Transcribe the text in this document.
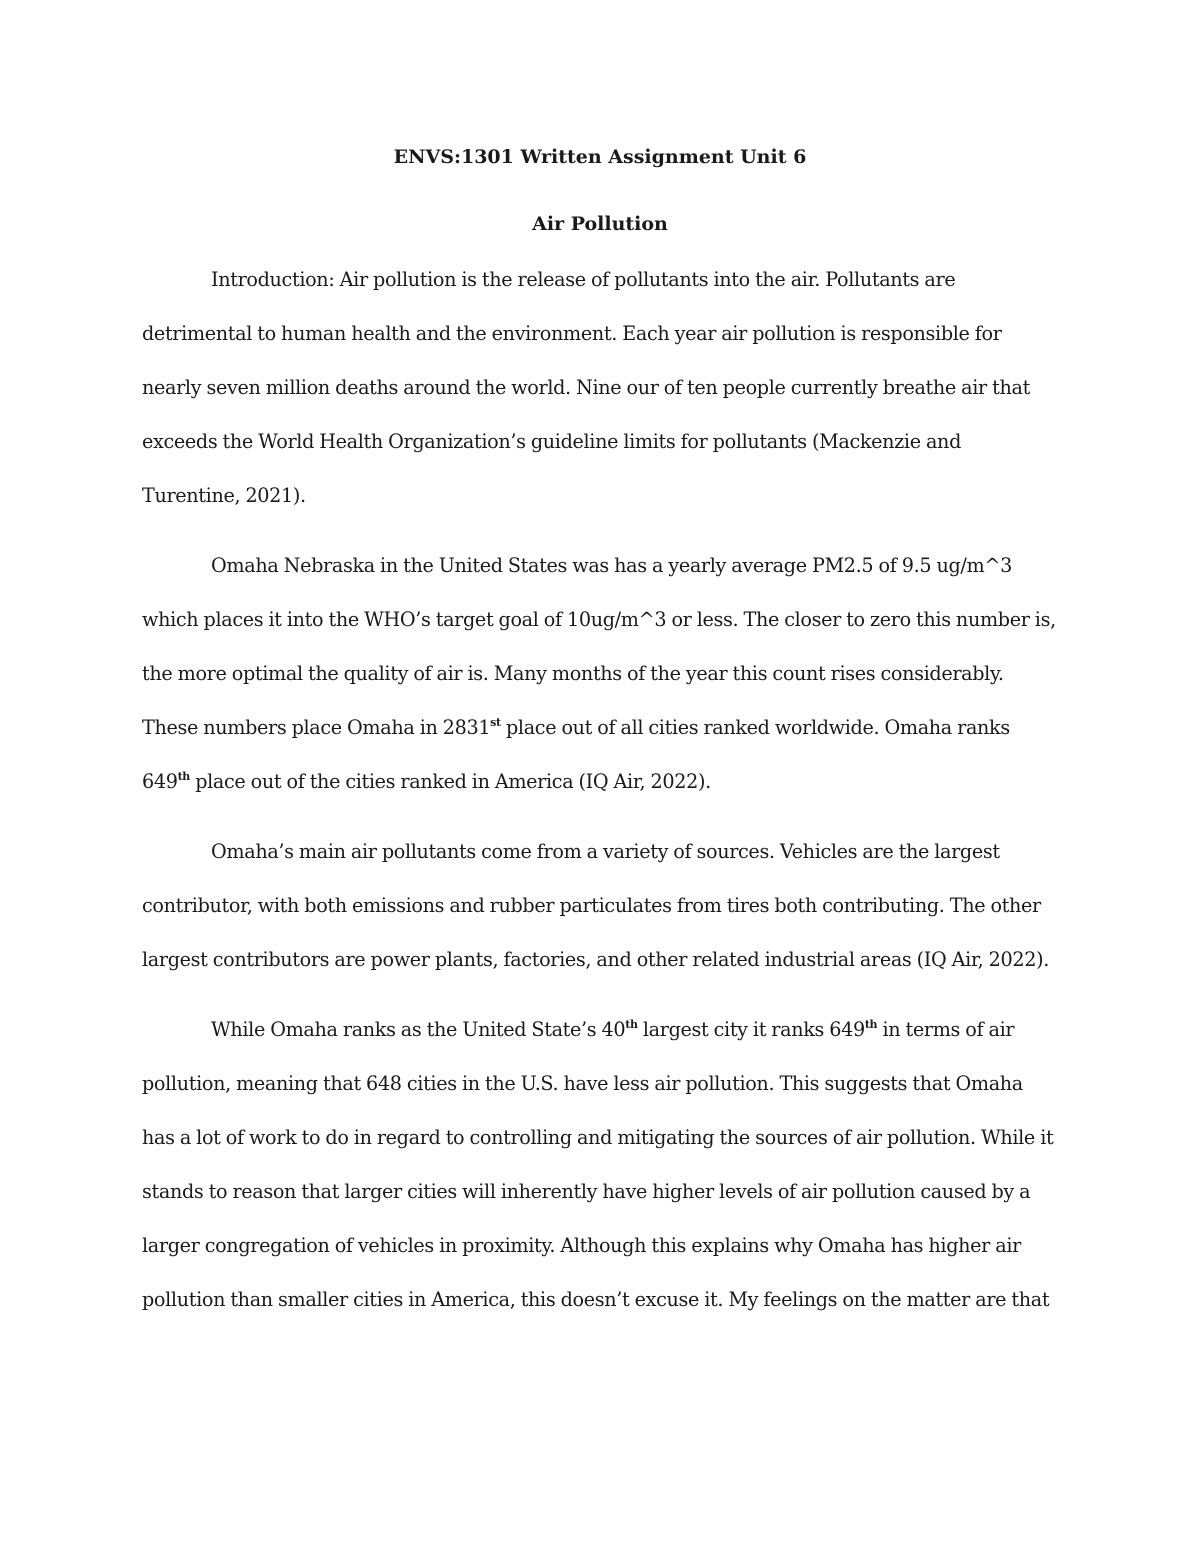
ENVS:1301 Written Assignment Unit 6
Air Pollution

Introduction: Air pollution is the release of pollutants into the air. Pollutants are detrimental to human health and the environment. Each year air pollution is responsible for nearly seven million deaths around the world. Nine our of ten people currently breathe air that exceeds the World Health Organization’s guideline limits for pollutants (Mackenzie and Turentine, 2021).

Omaha Nebraska in the United States was has a yearly average PM2.5 of 9.5 ug/m^3 which places it into the WHO’s target goal of 10ug/m^3 or less. The closer to zero this number is, the more optimal the quality of air is. Many months of the year this count rises considerably. These numbers place Omaha in 2831st place out of all cities ranked worldwide. Omaha ranks 649th place out of the cities ranked in America (IQ Air, 2022).

Omaha’s main air pollutants come from a variety of sources. Vehicles are the largest contributor, with both emissions and rubber particulates from tires both contributing. The other largest contributors are power plants, factories, and other related industrial areas (IQ Air, 2022).

While Omaha ranks as the United State’s 40th largest city it ranks 649th in terms of air pollution, meaning that 648 cities in the U.S. have less air pollution. This suggests that Omaha has a lot of work to do in regard to controlling and mitigating the sources of air pollution. While it stands to reason that larger cities will inherently have higher levels of air pollution caused by a larger congregation of vehicles in proximity. Although this explains why Omaha has higher air pollution than smaller cities in America, this doesn’t excuse it. My feelings on the matter are that
